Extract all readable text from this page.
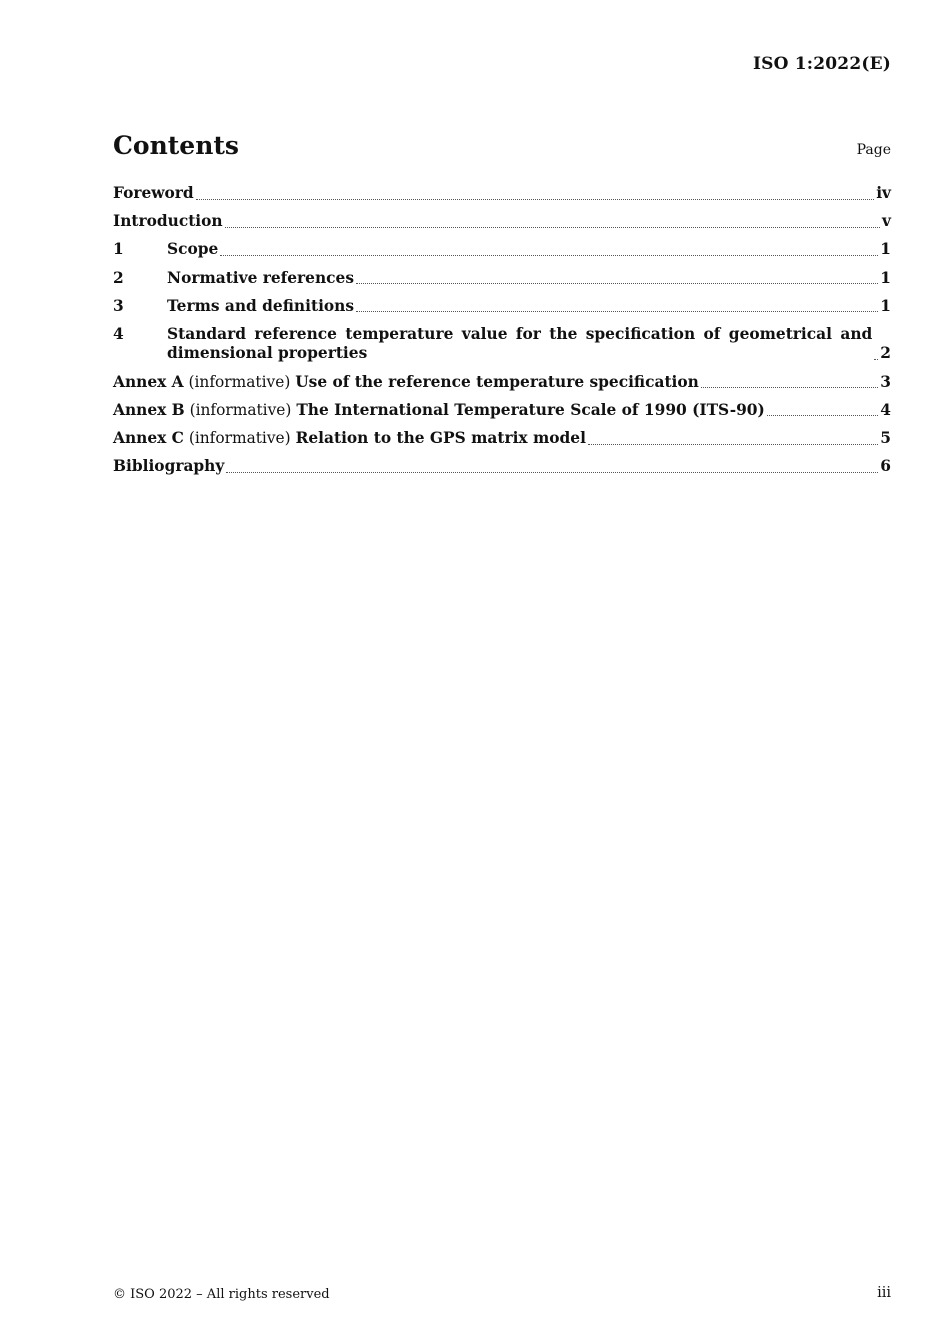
ISO 1:2022(E)
Contents	Page
Foreword	iv
Introduction	v
1	Scope	1
2	Normative references	1
3	Terms and definitions	1
4	Standard reference temperature value for the specification of geometrical and dimensional properties	2
Annex A (informative) Use of the reference temperature specification	3
Annex B (informative) The International Temperature Scale of 1990 (ITS-90)	4
Annex C (informative) Relation to the GPS matrix model	5
Bibliography	6
© ISO 2022 – All rights reserved	iii
